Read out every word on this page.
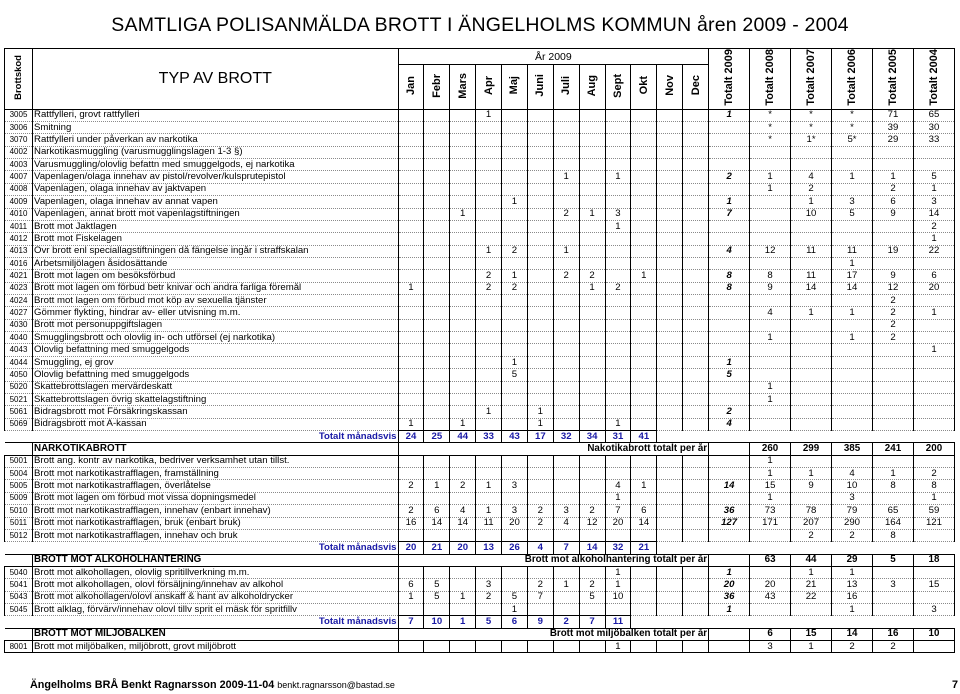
SAMTLIGA POLISANMÄLDA BROTT I ÄNGELHOLMS KOMMUN åren 2009 - 2004
Brottskod	TYP AV BROTT	År 2009												Totalt 2009	Totalt 2008	Totalt 2007	Totalt 2006	Totalt 2005	Totalt 2004
		Jan	Febr	Mars	Apr	Maj	Juni	Juli	Aug	Sept	Okt	Nov	Dec						
3005	Rattfylleri, grovt rattfylleri				1									1	*	*	*	71	65
3006	Smitning														*	*	*	39	30
3070	Rattfylleri under påverkan av narkotika														*	1*	5*	29	33
4002	Narkotikasmuggling (varusmugglingslagen 1-3 §)																		
4003	Varusmuggling/olovlig befattn med smuggelgods, ej narkotika																		
4007	Vapenlagen/olaga innehav av pistol/revolver/kulsprutepistol							1		1				2	1	4	1	1	5
4008	Vapenlagen, olaga innehav av jaktvapen														1	2		2	1
4009	Vapenlagen, olaga innehav av annat vapen					1								1		1	3	6	3
4010	Vapenlagen, annat brott mot vapenlagstiftningen			1				2	1	3				7		10	5	9	14
4011	Brott mot Jaktlagen									1									2
4012	Brott mot Fiskelagen																		1
4013	Övr brott enl speciallagstiftningen då fängelse ingår i straffskalan				1	2		1						4	12	11	11	19	22
4016	Arbetsmiljölagen åsidosättande																1		
4021	Brott mot lagen om besöksförbud				2	1		2	2		1			8	8	11	17	9	6
4023	Brott mot lagen om förbud betr knivar och andra farliga föremål	1			2	2			1	2				8	9	14	14	12	20
4024	Brott mot lagen om förbud mot köp av sexuella tjänster																	2	
4027	Gömmer flykting, hindrar av- eller utvisning m.m.														4	1	1	2	1
4030	Brott mot personuppgiftslagen																	2	
4040	Smugglingsbrott och olovlig in- och utförsel (ej narkotika)														1		1	2	
4043	Olovlig befattning med smuggelgods																		1
4044	Smuggling, ej grov					1								1					
4050	Olovlig befattning med smuggelgods					5								5					
5020	Skattebrottslagen mervärdeskatt														1				
5021	Skattebrottslagen övrig skattelagstiftning														1				
5061	Bidragsbrott mot Försäkringskassan				1		1							2					
5069	Bidragsbrott mot A-kassan	1		1			1			1				4					
Totalt månadsvis		24	25	44	33	43	17	32	34	31	41								
	NARKOTIKABROTT	Nakotikabrott totalt per år													260	299	385	241	200
5001	Brott ang. kontr av narkotika, bedriver verksamhet utan tillst.														1				
5004	Brott mot narkotikastrafflagen, framställning														1	1	4	1	2
5005	Brott mot narkotikastrafflagen, överlåtelse	2	1	2	1	3				4	1			14	15	9	10	8	8
5009	Brott mot lagen om förbud mot vissa dopningsmedel									1					1		3		1
5010	Brott mot narkotikastrafflagen, innehav (enbart innehav)	2	6	4	1	3	2	3	2	7	6			36	73	78	79	65	59
5011	Brott mot narkotikastrafflagen, bruk (enbart bruk)	16	14	14	11	20	2	4	12	20	14			127	171	207	290	164	121
5012	Brott mot narkotikastrafflagen, innehav och bruk															2	2	8	
Totalt månadsvis		20	21	20	13	26	4	7	14	32	21								
	BROTT MOT ALKOHOLHANTERING	Brott mot alkoholhantering totalt per år													63	44	29	5	18
5040	Brott mot alkohollagen, olovlig spritillverkning m.m.									1				1		1	1		
5041	Brott mot alkohollagen, olovl försäljning/innehav av alkohol	6	5		3		2	1	2	1				20	20	21	13	3	15
5043	Brott mot alkohollagen/olovl anskaff & hant av alkoholdrycker	1	5	1	2	5	7		5	10				36	43	22	16		
5045	Brott alklag, förvärv/innehav olovl tillv sprit el mäsk för spritfillv					1								1			1		3
Totalt månadsvis		7	10	1	5	6	9	2	7	11									
	BROTT MOT MILJÖBALKEN	Brott mot miljöbalken totalt per år													6	15	14	16	10
8001	Brott mot miljöbalken, miljöbrott, grovt miljöbrott									1					3	1	2	2	
Ängelholms BRÅ Benkt Ragnarsson 2009-11-04 benkt.ragnarsson@bastad.se	7
